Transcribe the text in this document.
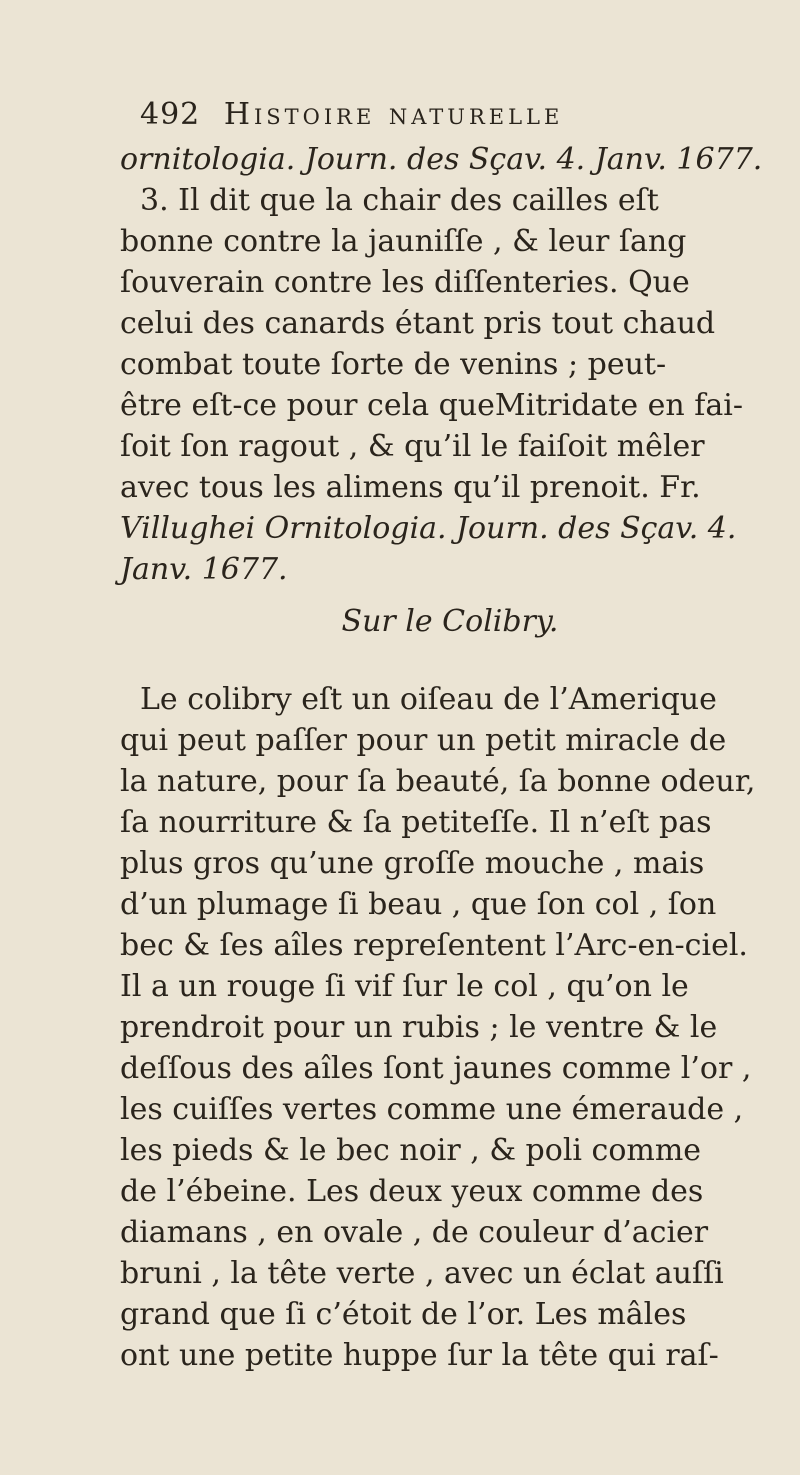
492 Histoire naturelle
ornitologia. Journ. des Sçav. 4. Janv. 1677.
3. Il dit que la chair des cailles eſt
bonne contre la jauniſſe , & leur ſang
ſouverain contre les diſſenteries. Que
celui des canards étant pris tout chaud
combat toute ſorte de venins ; peut-
être eſt-ce pour cela queMitridate en fai-
ſoit ſon ragout , & qu’il le faiſoit mêler
avec tous les alimens qu’il prenoit. Fr.
Villughei Ornitologia. Journ. des Sçav. 4.
Janv. 1677.
Sur le Colibry.
Le colibry eſt un oiſeau de l’Amerique
qui peut paſſer pour un petit miracle de
la nature, pour ſa beauté, ſa bonne odeur,
ſa nourriture & ſa petiteſſe. Il n’eſt pas
plus gros qu’une groſſe mouche , mais
d’un plumage ſi beau , que ſon col , ſon
bec & ſes aîles repreſentent l’Arc-en-ciel.
Il a un rouge ſi vif ſur le col , qu’on le
prendroit pour un rubis ; le ventre & le
deſſous des aîles ſont jaunes comme l’or ,
les cuiſſes vertes comme une émeraude ,
les pieds & le bec noir , & poli comme
de l’ébeine. Les deux yeux comme des
diamans , en ovale , de couleur d’acier
bruni , la tête verte , avec un éclat auſſi
grand que ſi c’étoit de l’or. Les mâles
ont une petite huppe ſur la tête qui raſ-
